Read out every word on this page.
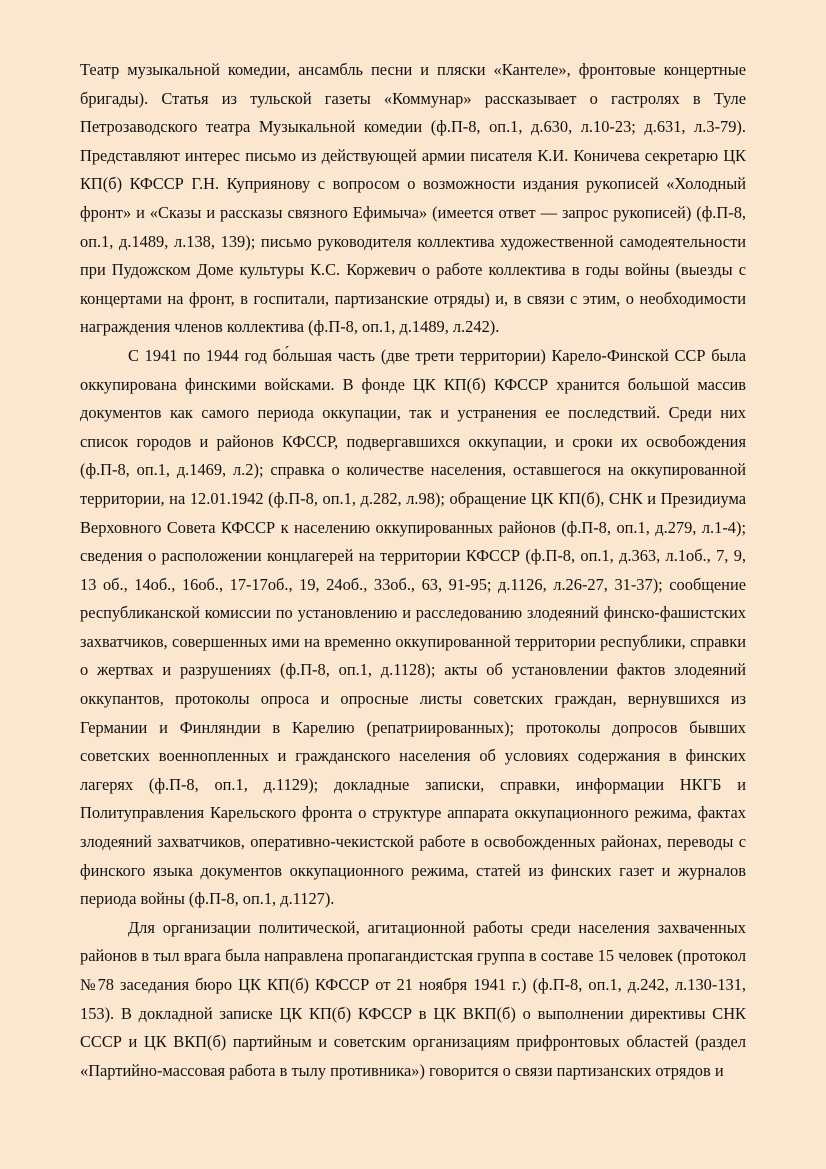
Театр музыкальной комедии, ансамбль песни и пляски «Кантеле», фронтовые концертные бригады). Статья из тульской газеты «Коммунар» рассказывает о гастролях в Туле Петрозаводского театра Музыкальной комедии (ф.П-8, оп.1, д.630, л.10-23; д.631, л.3-79). Представляют интерес письмо из действующей армии писателя К.И. Коничева секретарю ЦК КП(б) КФССР Г.Н. Куприянову с вопросом о возможности издания рукописей «Холодный фронт» и «Сказы и рассказы связного Ефимыча» (имеется ответ — запрос рукописей) (ф.П-8, оп.1, д.1489, л.138, 139); письмо руководителя коллектива художественной самодеятельности при Пудожском Доме культуры К.С. Коржевич о работе коллектива в годы войны (выезды с концертами на фронт, в госпитали, партизанские отряды) и, в связи с этим, о необходимости награждения членов коллектива (ф.П-8, оп.1, д.1489, л.242).

С 1941 по 1944 год бо́льшая часть (две трети территории) Карело-Финской ССР была оккупирована финскими войсками. В фонде ЦК КП(б) КФССР хранится большой массив документов как самого периода оккупации, так и устранения ее последствий. Среди них список городов и районов КФССР, подвергавшихся оккупации, и сроки их освобождения (ф.П-8, оп.1, д.1469, л.2); справка о количестве населения, оставшегося на оккупированной территории, на 12.01.1942 (ф.П-8, оп.1, д.282, л.98); обращение ЦК КП(б), СНК и Президиума Верховного Совета КФССР к населению оккупированных районов (ф.П-8, оп.1, д.279, л.1-4); сведения о расположении концлагерей на территории КФССР (ф.П-8, оп.1, д.363, л.1об., 7, 9, 13 об., 14об., 16об., 17-17об., 19, 24об., 33об., 63, 91-95; д.1126, л.26-27, 31-37); сообщение республиканской комиссии по установлению и расследованию злодеяний финско-фашистских захватчиков, совершенных ими на временно оккупированной территории республики, справки о жертвах и разрушениях (ф.П-8, оп.1, д.1128); акты об установлении фактов злодеяний оккупантов, протоколы опроса и опросные листы советских граждан, вернувшихся из Германии и Финляндии в Карелию (репатриированных); протоколы допросов бывших советских военнопленных и гражданского населения об условиях содержания в финских лагерях (ф.П-8, оп.1, д.1129); докладные записки, справки, информации НКГБ и Политуправления Карельского фронта о структуре аппарата оккупационного режима, фактах злодеяний захватчиков, оперативно-чекистской работе в освобожденных районах, переводы с финского языка документов оккупационного режима, статей из финских газет и журналов периода войны (ф.П-8, оп.1, д.1127).

Для организации политической, агитационной работы среди населения захваченных районов в тыл врага была направлена пропагандистская группа в составе 15 человек (протокол №78 заседания бюро ЦК КП(б) КФССР от 21 ноября 1941 г.) (ф.П-8, оп.1, д.242, л.130-131, 153). В докладной записке ЦК КП(б) КФССР в ЦК ВКП(б) о выполнении директивы СНК СССР и ЦК ВКП(б) партийным и советским организациям прифронтовых областей (раздел «Партийно-массовая работа в тылу противника») говорится о связи партизанских отрядов и
